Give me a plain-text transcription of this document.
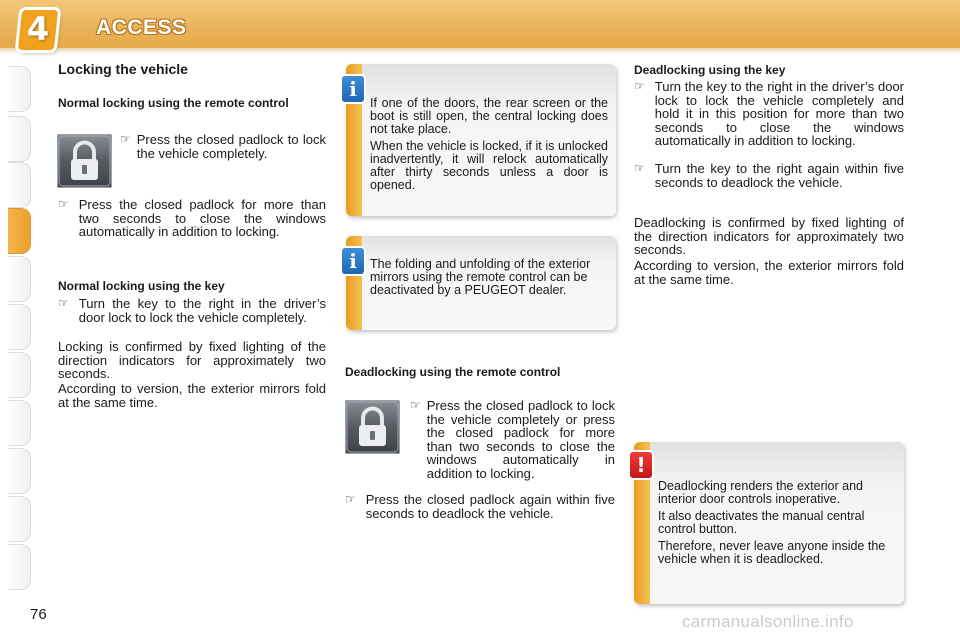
4	ACCESS
Locking the vehicle
Normal locking using the remote control
☞ Press the closed padlock to lock the vehicle completely.
☞ Press the closed padlock for more than two seconds to close the windows automatically in addition to locking.
Normal locking using the key
☞ Turn the key to the right in the driver’s door lock to lock the vehicle completely.
Locking is confirmed by fixed lighting of the direction indicators for approximately two seconds.
According to version, the exterior mirrors fold at the same time.
i

If one of the doors, the rear screen or the boot is still open, the central locking does not take place.

When the vehicle is locked, if it is unlocked inadvertently, it will relock automatically after thirty seconds unless a door is opened.

i	The folding and unfolding of the exterior mirrors using the remote control can be deactivated by a PEUGEOT dealer.
Deadlocking using the remote control
☞ Press the closed padlock to lock the vehicle completely or press the closed padlock for more than two seconds to close the windows automatically in addition to locking.
☞ Press the closed padlock again within five seconds to deadlock the vehicle.
Deadlocking using the key
☞ Turn the key to the right in the driver’s door lock to lock the vehicle completely and hold it in this position for more than two seconds to close the windows automatically in addition to locking.
☞ Turn the key to the right again within five seconds to deadlock the vehicle.
Deadlocking is confirmed by fixed lighting of the direction indicators for approximately two seconds.
According to version, the exterior mirrors fold at the same time.
!

Deadlocking renders the exterior and interior door controls inoperative.

It also deactivates the manual central control button.

Therefore, never leave anyone inside the vehicle when it is deadlocked.

76	carmanualsonline.info
